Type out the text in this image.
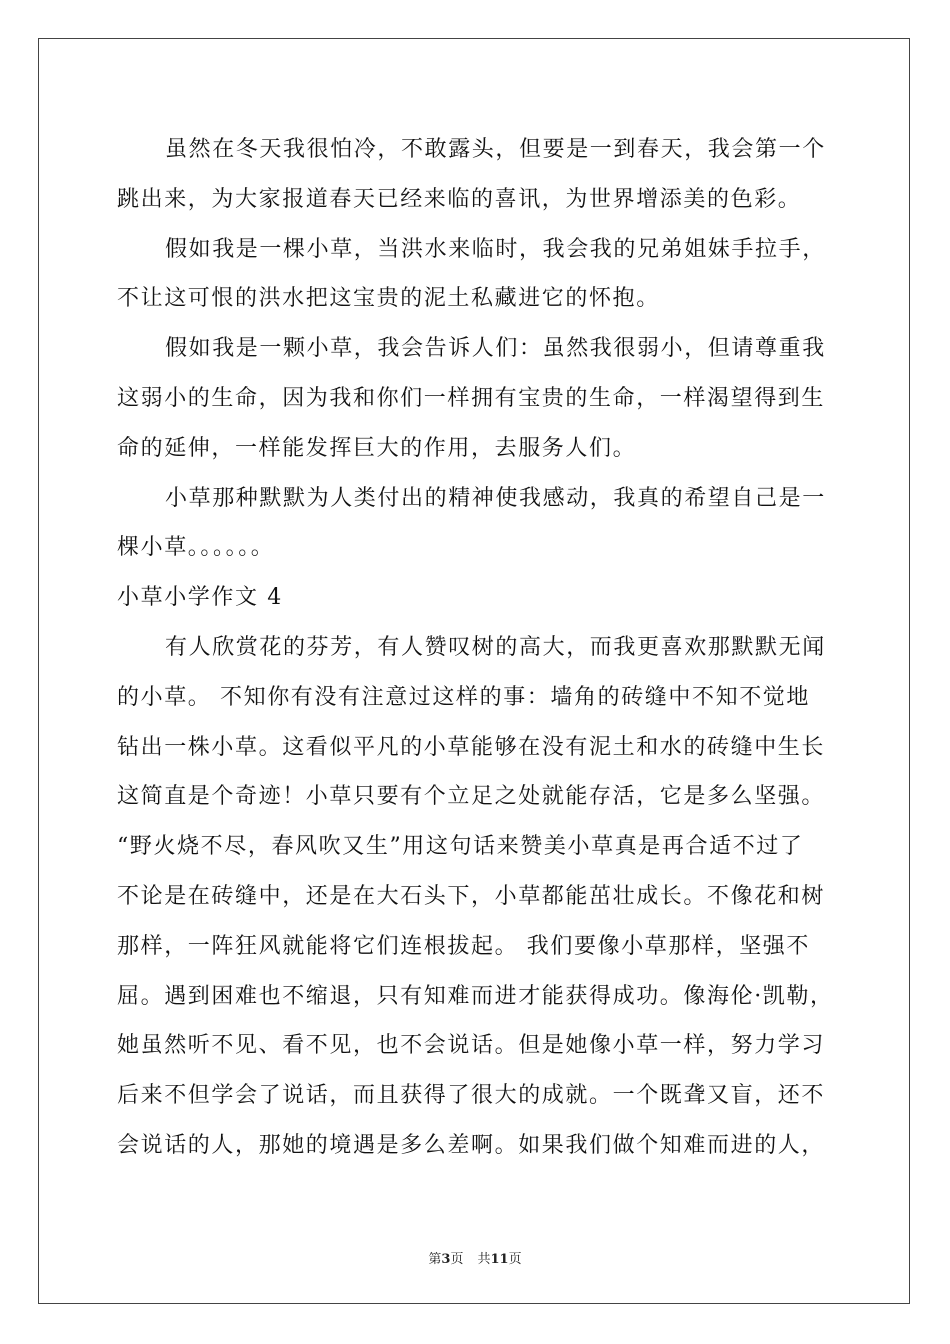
虽然在冬天我很怕冷，不敢露头，但要是一到春天，我会第一个
跳出来，为大家报道春天已经来临的喜讯，为世界增添美的色彩。
假如我是一棵小草，当洪水来临时，我会我的兄弟姐妹手拉手，
不让这可恨的洪水把这宝贵的泥土私藏进它的怀抱。
假如我是一颗小草，我会告诉人们：虽然我很弱小，但请尊重我
这弱小的生命，因为我和你们一样拥有宝贵的生命，一样渴望得到生
命的延伸，一样能发挥巨大的作用，去服务人们。
小草那种默默为人类付出的精神使我感动，我真的希望自己是一
棵小草。。。。。。
小草小学作文 4
有人欣赏花的芬芳，有人赞叹树的高大，而我更喜欢那默默无闻
的小草。 不知你有没有注意过这样的事：墙角的砖缝中不知不觉地
钻出一株小草。这看似平凡的小草能够在没有泥土和水的砖缝中生长
这简直是个奇迹！小草只要有个立足之处就能存活，它是多么坚强。
“野火烧不尽，春风吹又生”用这句话来赞美小草真是再合适不过了
不论是在砖缝中，还是在大石头下，小草都能茁壮成长。不像花和树
那样，一阵狂风就能将它们连根拔起。 我们要像小草那样，坚强不
屈。遇到困难也不缩退，只有知难而进才能获得成功。像海伦·凯勒，
她虽然听不见、看不见，也不会说话。但是她像小草一样，努力学习
后来不但学会了说话，而且获得了很大的成就。一个既聋又盲，还不
会说话的人，那她的境遇是多么差啊。如果我们做个知难而进的人，
第3页 共11页
